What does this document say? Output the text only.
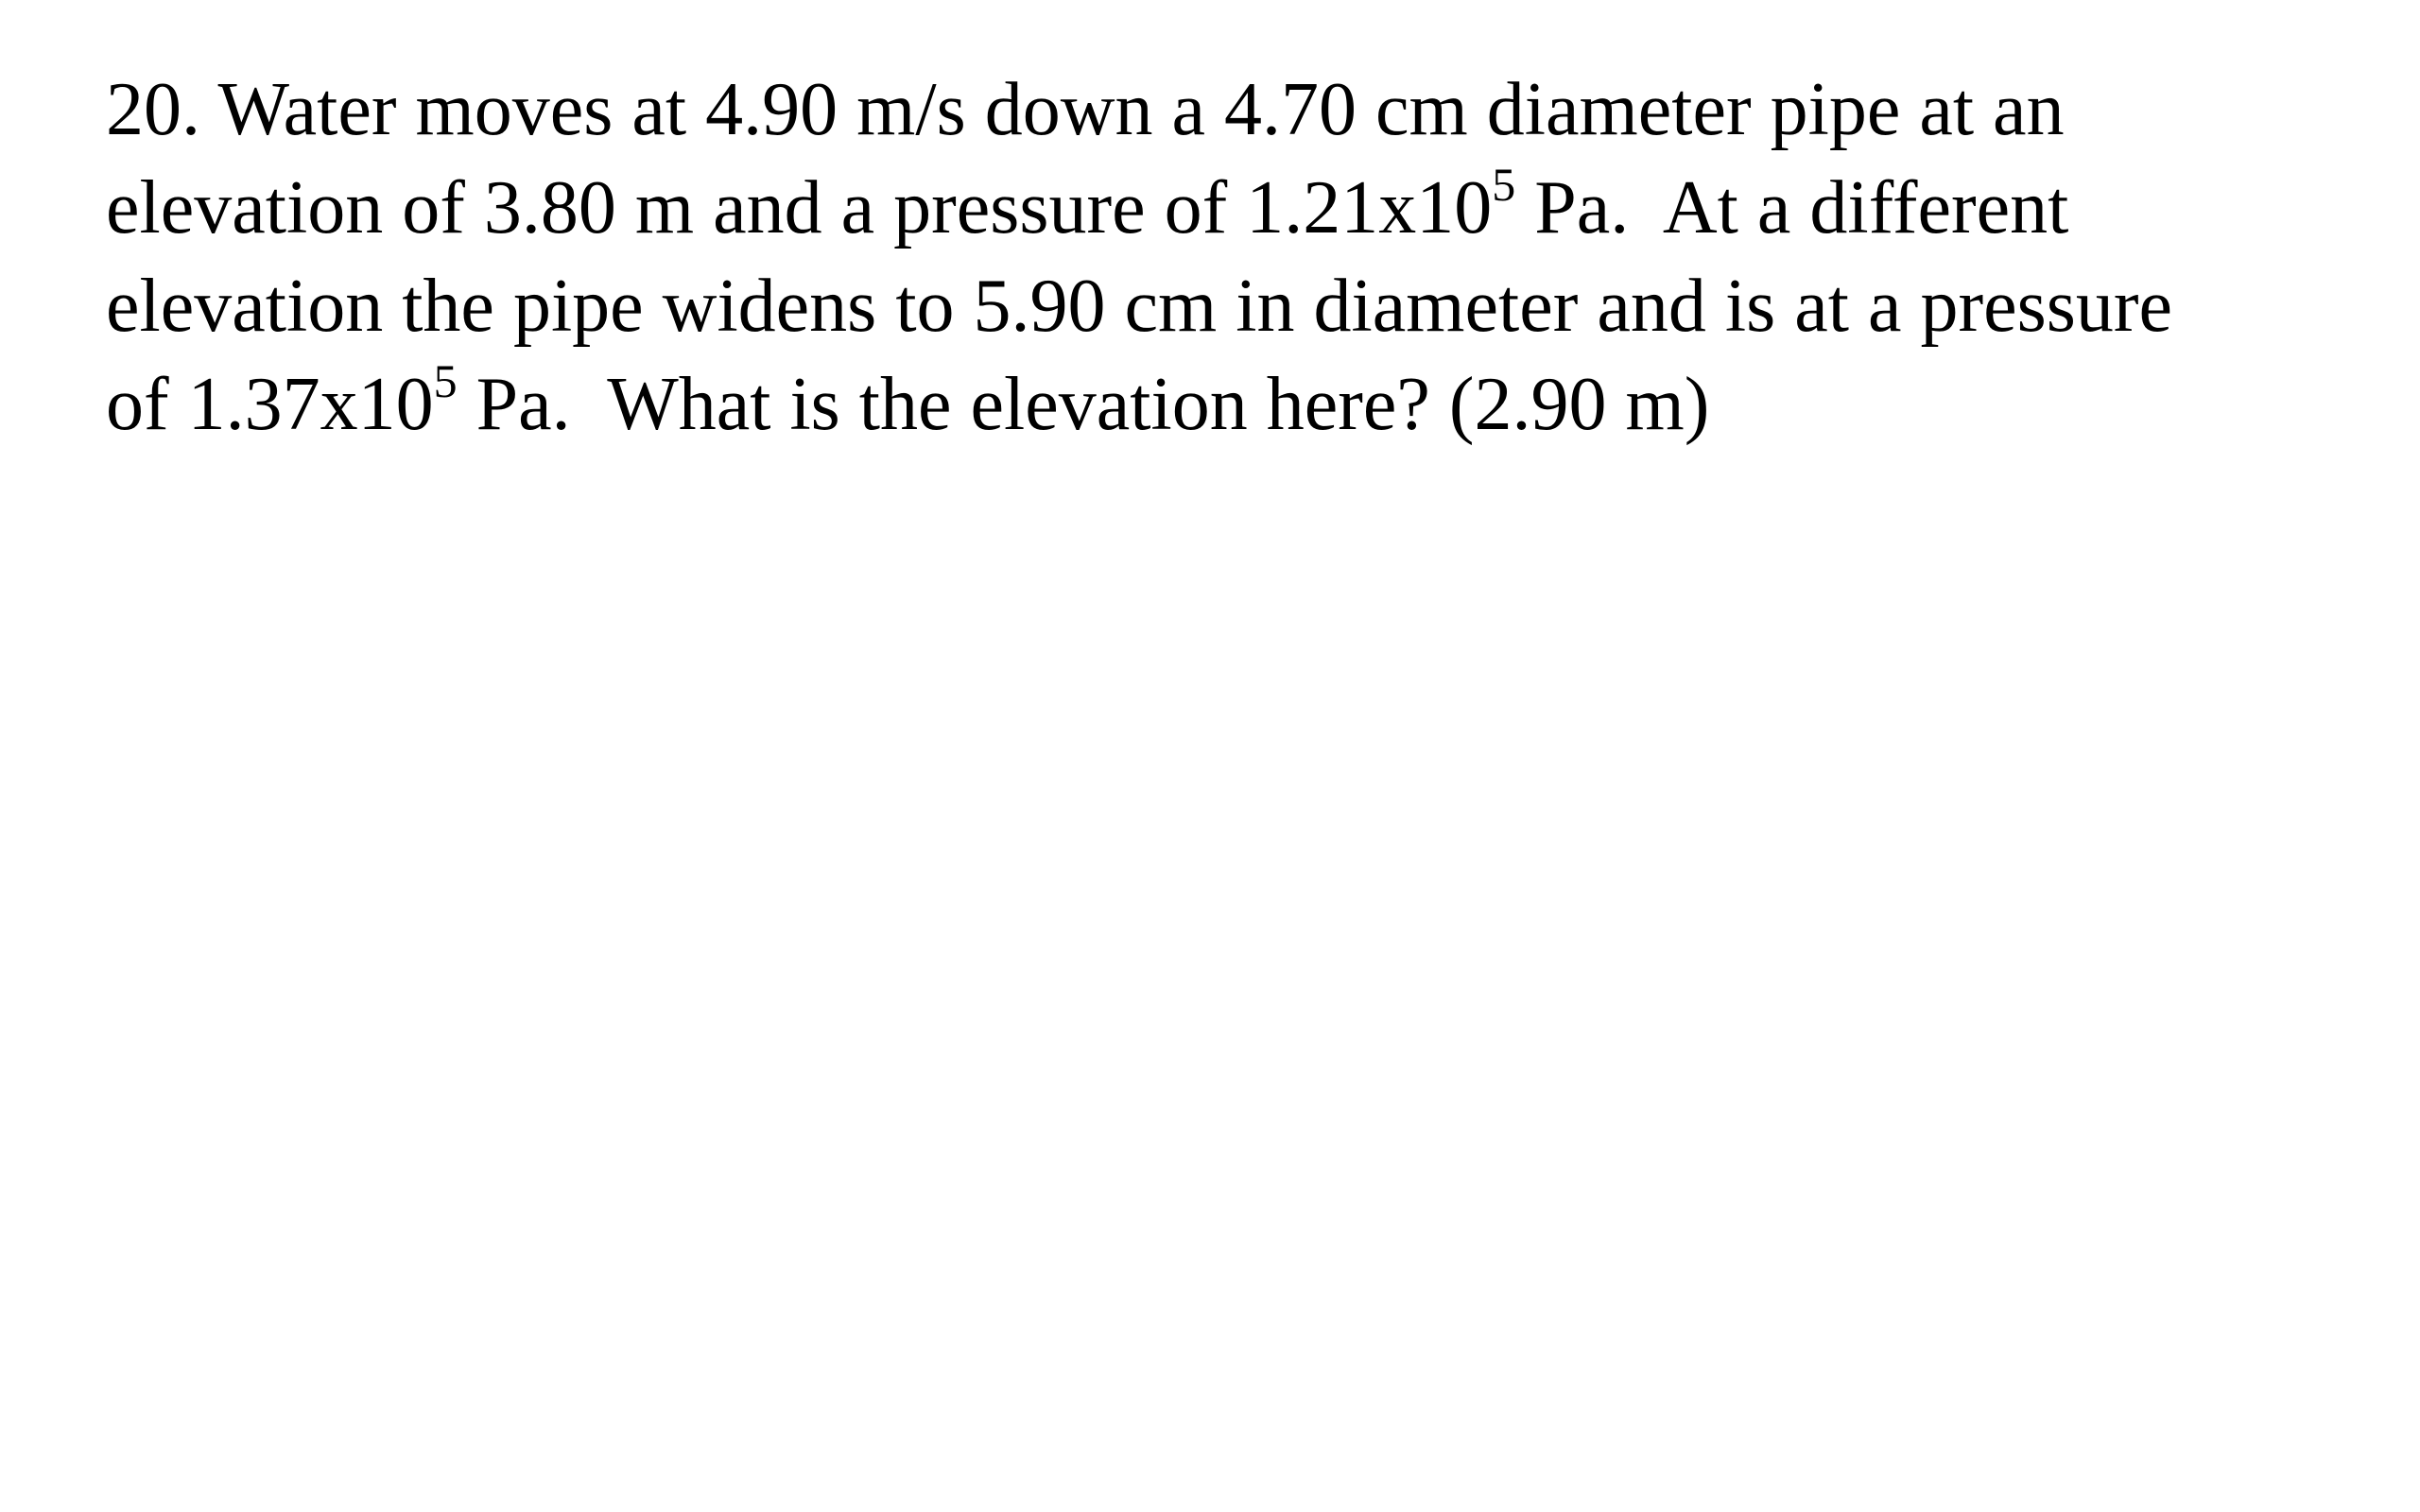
20. Water moves at 4.90 m/s down a 4.70 cm diameter pipe at an
elevation of 3.80 m and a pressure of $1.21x10^5$ Pa.  At a different
elevation the pipe widens to 5.90 cm in diameter and is at a pressure
of $1.37x10^5$ Pa.  What is the elevation here? (2.90 m)
